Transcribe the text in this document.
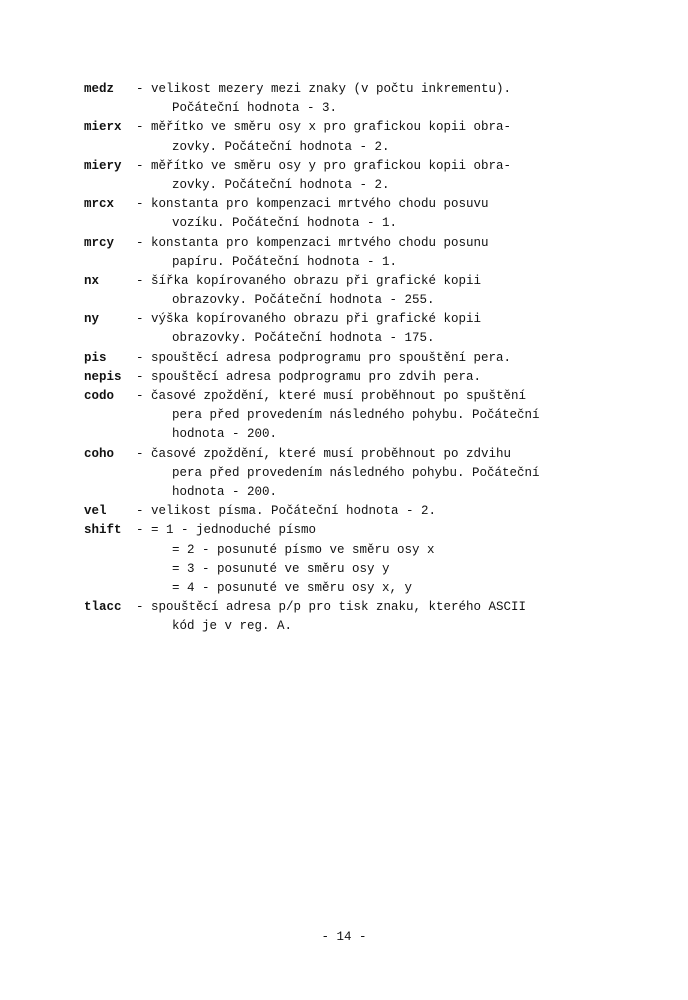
medz	- velikost mezery mezi znaky (v počtu inkrementu).
Počáteční hodnota - 3.
mierx	- měřítko ve směru osy x pro grafickou kopii obra-
zovky. Počáteční hodnota - 2.
miery	- měřítko ve směru osy y pro grafickou kopii obra-
zovky. Počáteční hodnota - 2.
mrcx	- konstanta pro kompenzaci mrtvého chodu posuvu
vozíku. Počáteční hodnota - 1.
mrcy	- konstanta pro kompenzaci mrtvého chodu posunu
papíru. Počáteční hodnota - 1.
nx	- šířka kopírovaného obrazu při grafické kopii
obrazovky. Počáteční hodnota - 255.
ny	- výška kopírovaného obrazu při grafické kopii
obrazovky. Počáteční hodnota - 175.
pis	- spouštěcí adresa podprogramu pro spouštění pera.
nepis	- spouštěcí adresa podprogramu pro zdvih pera.
codo	- časové zpoždění, které musí proběhnout po spuštění
pera před provedením následného pohybu. Počáteční
hodnota - 200.
coho	- časové zpoždění, které musí proběhnout po zdvihu
pera před provedením následného pohybu. Počáteční
hodnota - 200.
vel	- velikost písma. Počáteční hodnota - 2.
shift	- = 1 - jednoduché písmo
= 2 - posunuté písmo ve směru osy x
= 3 - posunuté ve směru osy y
= 4 - posunuté ve směru osy x, y
tlacc	- spouštěcí adresa p/p pro tisk znaku, kterého ASCII
kód je v reg. A.
- 14 -
